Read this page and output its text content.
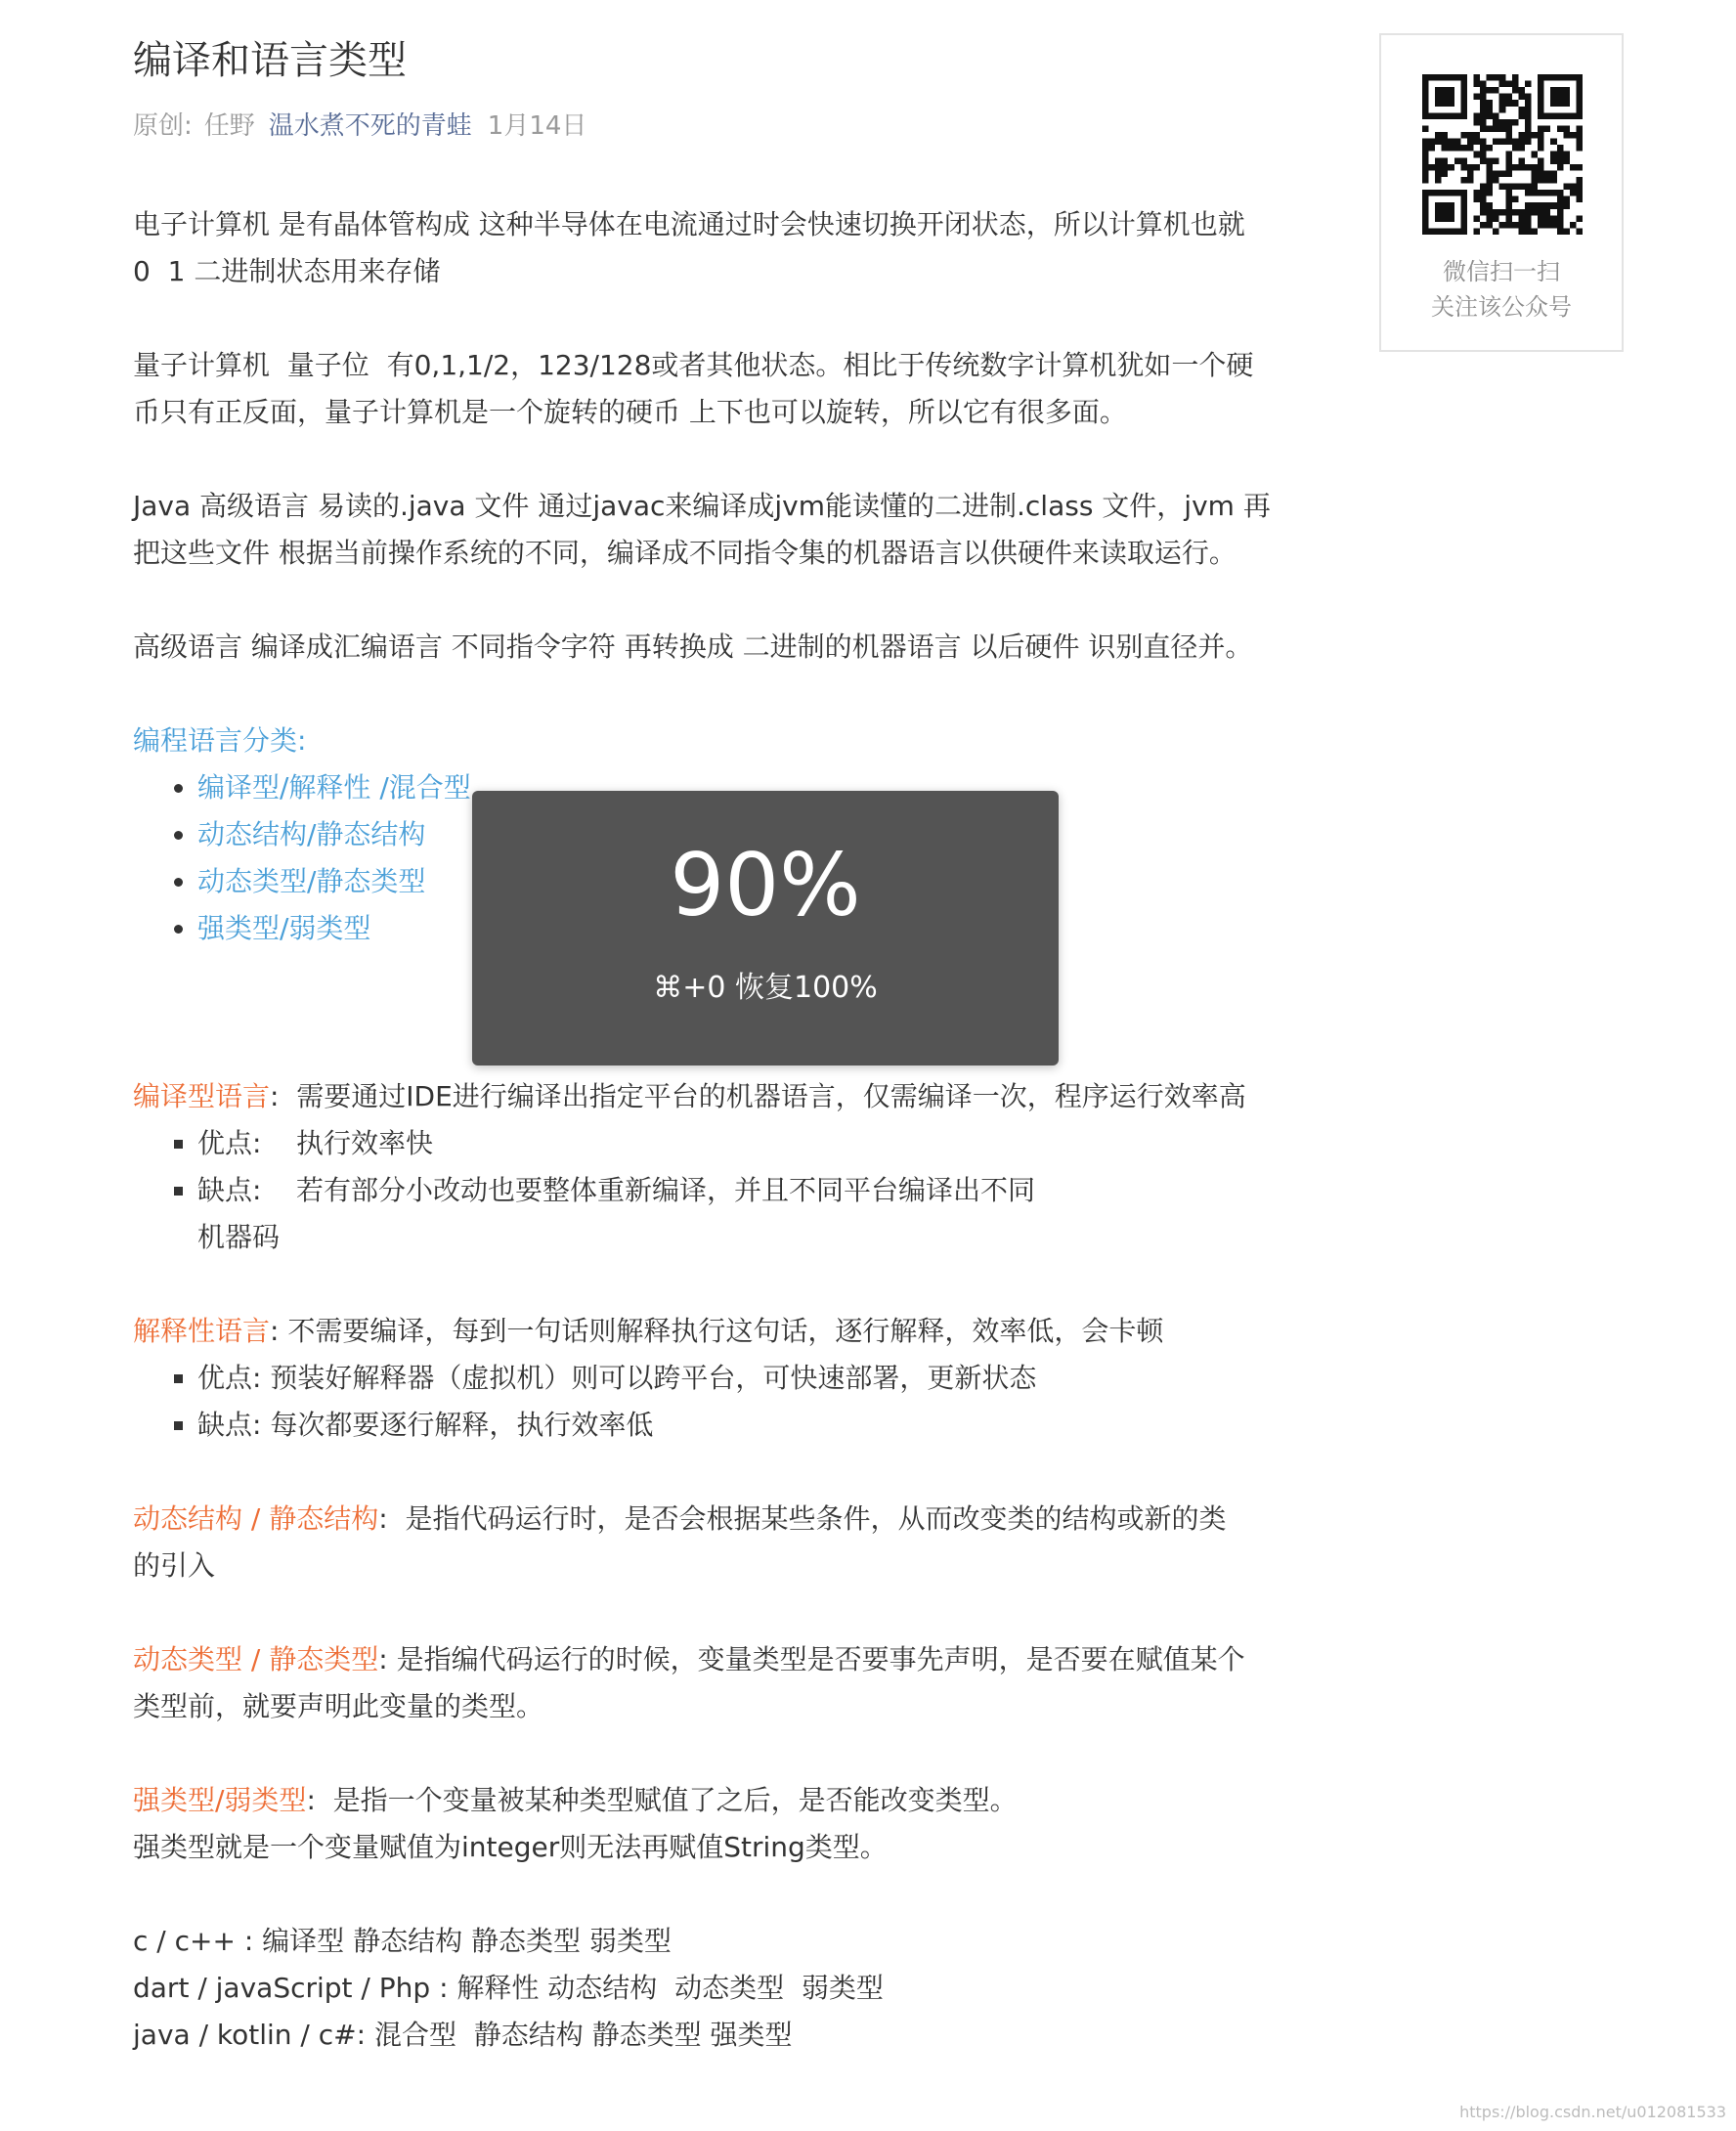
编译和语言类型
原创: 任野 温水煮不死的青蛙 1月14日
电子计算机 是有晶体管构成 这种半导体在电流通过时会快速切换开闭状态，所以计算机也就
0  1 二进制状态用来存储
量子计算机  量子位  有0,1,1/2，123/128或者其他状态。相比于传统数字计算机犹如一个硬
币只有正反面，量子计算机是一个旋转的硬币 上下也可以旋转，所以它有很多面。
Java 高级语言 易读的.java 文件 通过javac来编译成jvm能读懂的二进制.class 文件，jvm 再
把这些文件 根据当前操作系统的不同，编译成不同指令集的机器语言以供硬件来读取运行。
高级语言 编译成汇编语言 不同指令字符 再转换成 二进制的机器语言 以后硬件 识别直径并。
编程语言分类:
• 编译型/解释性 /混合型
• 动态结构/静态结构
• 动态类型/静态类型
• 强类型/弱类型
编译型语言:  需要通过IDE进行编译出指定平台的机器语言，仅需编译一次，程序运行效率高
▪ 优点:    执行效率快
▪ 缺点:    若有部分小改动也要整体重新编译，并且不同平台编译出不同
机器码
解释性语言: 不需要编译，每到一句话则解释执行这句话，逐行解释，效率低，会卡顿
▪ 优点: 预装好解释器（虚拟机）则可以跨平台，可快速部署，更新状态
▪ 缺点: 每次都要逐行解释，执行效率低
动态结构 / 静态结构:  是指代码运行时，是否会根据某些条件，从而改变类的结构或新的类
的引入
动态类型 / 静态类型: 是指编代码运行的时候，变量类型是否要事先声明，是否要在赋值某个
类型前，就要声明此变量的类型。
强类型/弱类型:  是指一个变量被某种类型赋值了之后，是否能改变类型。
强类型就是一个变量赋值为integer则无法再赋值String类型。
c / c++ : 编译型 静态结构 静态类型 弱类型
dart / javaScript / Php : 解释性 动态结构  动态类型  弱类型
java / kotlin / c#: 混合型  静态结构 静态类型 强类型
微信扫一扫
关注该公众号
90%
⌘+0 恢复100%
https://blog.csdn.net/u012081533
